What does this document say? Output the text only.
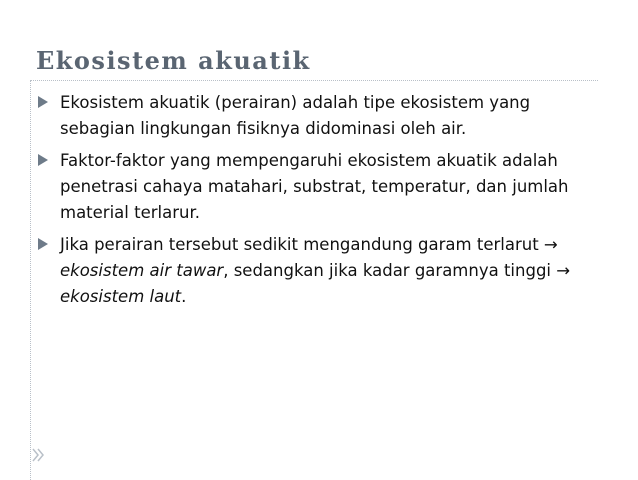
Ekosistem akuatik
Ekosistem akuatik (perairan) adalah tipe ekosistem yang sebagian lingkungan fisiknya didominasi oleh air.
Faktor-faktor yang mempengaruhi ekosistem akuatik adalah penetrasi cahaya matahari, substrat, temperatur, dan jumlah material terlarur.
Jika perairan tersebut sedikit mengandung garam terlarut → ekosistem air tawar, sedangkan jika kadar garamnya tinggi → ekosistem laut.
